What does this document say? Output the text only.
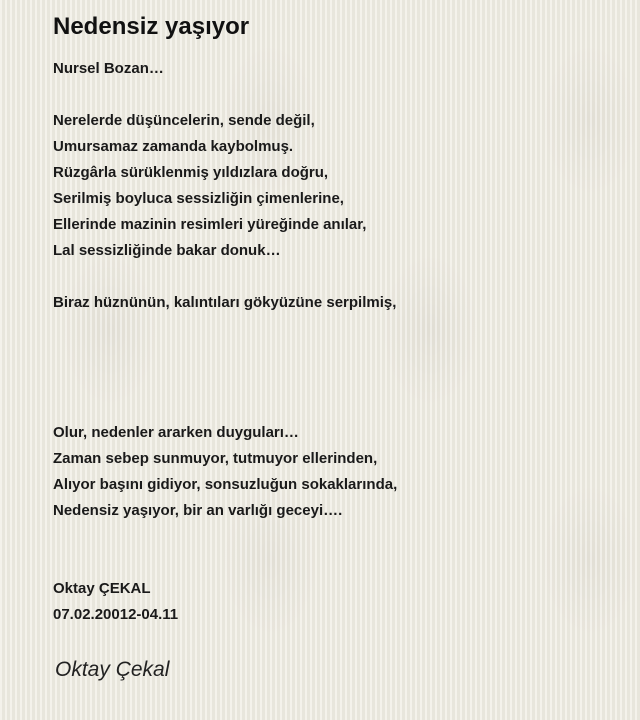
Nedensiz yaşıyor
Nursel Bozan…
Nerelerde düşüncelerin, sende değil,
Umursamaz zamanda kaybolmuş.
Rüzgârla sürüklenmiş yıldızlara doğru,
Serilmiş boyluca sessizliğin çimenlerine,
Ellerinde mazinin resimleri yüreğinde anılar,
Lal sessizliğinde bakar donuk…
Biraz hüznünün, kalıntıları gökyüzüne serpilmiş,
Olur, nedenler ararken duyguları…
Zaman sebep sunmuyor, tutmuyor ellerinden,
Alıyor başını gidiyor, sonsuzluğun sokaklarında,
Nedensiz yaşıyor, bir an varlığı geceyi….
Oktay ÇEKAL
07.02.20012-04.11
Oktay Çekal
